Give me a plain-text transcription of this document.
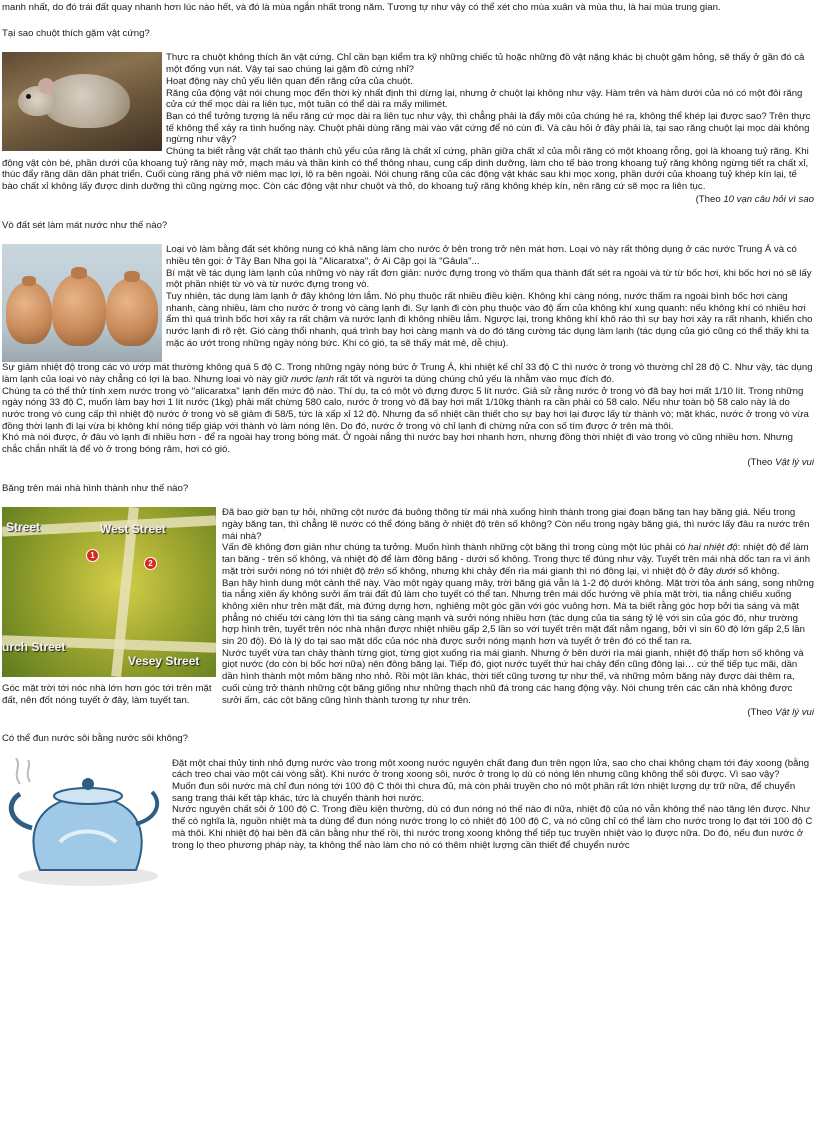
manh nhất, do đó trái đất quay nhanh hơn lúc nào hết, và đó là mùa ngắn nhất trong năm. Tương tự như vậy có thể xét cho mùa xuân và mùa thu, là hai mùa trung gian.

Tại sao chuột thích gặm vật cứng?

Thực ra chuột không thích ăn vật cứng. Chỉ cần bạn kiểm tra kỹ những chiếc tủ hoặc những đồ vật nặng khác bị chuột gặm hỏng, sẽ thấy ở gần đó cả một đống vụn nát. Vậy tại sao chúng lại gặm đồ cứng nhỉ?

Hoạt động này chủ yếu liên quan đến răng cửa của chuột.

Răng của động vật nói chung mọc đến thời kỳ nhất định thì dừng lại, nhưng ở chuột lại không như vậy. Hàm trên và hàm dưới của nó có một đôi răng cửa cứ thế mọc dài ra liên tục, một tuần có thể dài ra mấy milimét.

Bạn có thể tưởng tượng là nếu răng cứ mọc dài ra liên tục như vậy, thì chẳng phải là đẩy môi của chúng hé ra, không thể khép lại được sao? Trên thực tế không thể xảy ra tình huống này. Chuột phải dùng răng mài vào vật cứng để nó cùn đi. Và câu hỏi ở đây phải là, tại sao răng chuột lại mọc dài không ngừng như vậy?

Chúng ta biết rằng vật chất tạo thành chủ yếu của răng là chất xỉ cứng, phần giữa chất xỉ của mỗi răng có một khoang rỗng, gọi là khoang tuỷ răng. Khi động vật còn bé, phần dưới của khoang tuỷ răng này mở, mạch máu và thần kinh có thể thông nhau, cung cấp dinh dưỡng, làm cho tế bào trong khoang tuỷ răng không ngừng tiết ra chất xỉ, thúc đẩy răng dần dần phát triển. Cuối cùng răng phá vỡ niêm mạc lợi, lộ ra bên ngoài. Nói chung răng của các động vật khác sau khi mọc xong, phần dưới của khoang tuỷ khép kín lại, tế bào chất xỉ không lấy được dinh dưỡng thì cũng ngừng mọc. Còn các động vật như chuột và thỏ, do khoang tuỷ răng không khép kín, nên răng cứ sẽ mọc ra liên tục.

(Theo 10 vạn câu hỏi vì sao

Vò đất sét làm mát nước như thế nào?

Loại vò làm bằng đất sét không nung có khả năng làm cho nước ở bên trong trở nên mát hơn. Loại vò này rất thông dụng ở các nước Trung Á và có nhiều tên gọi: ở Tây Ban Nha gọi là "Alicaratxa", ở Ai Cập gọi là "Gâula"...

Bí mật về tác dụng làm lạnh của những vò này rất đơn giản: nước đựng trong vò thấm qua thành đất sét ra ngoài và từ từ bốc hơi, khi bốc hơi nó sẽ lấy một phần nhiệt từ vò và từ nước đựng trong vò.

Tuy nhiên, tác dụng làm lạnh ở đây không lớn lắm. Nó phụ thuộc rất nhiều điều kiện. Không khí càng nóng, nước thấm ra ngoài bình bốc hơi càng nhanh, càng nhiều, làm cho nước ở trong vò càng lạnh đi. Sự lạnh đi còn phụ thuộc vào độ ẩm của không khí xung quanh: nếu không khí có nhiều hơi ẩm thì quá trình bốc hơi xảy ra rất chậm và nước lạnh đi không nhiều lắm. Ngược lại, trong không khí khô ráo thì sự bay hơi xảy ra rất nhanh, khiến cho nước lạnh đi rõ rệt. Gió càng thổi nhanh, quá trình bay hơi càng mạnh và do đó tăng cường tác dụng làm lạnh (tác dụng của gió cũng có thể thấy khi ta mặc áo ướt trong những ngày nóng bức. Khi có gió, ta sẽ thấy mát mẻ, dễ chịu).

Sự giảm nhiệt độ trong các vò ướp mát thường không quá 5 độ C. Trong những ngày nóng bức ở Trung Á, khi nhiệt kế chỉ 33 độ C thì nước ở trong vò thường chỉ 28 độ C. Như vậy, tác dụng làm lạnh của loại vò này chẳng có lợi là bao. Nhưng loại vò này giữ nước lạnh rất tốt và người ta dùng chúng chủ yếu là nhằm vào mục đích đó.

Chúng ta có thể thử tính xem nước trong vò "alicaratxa" lạnh đến mức độ nào. Thí dụ, ta có một vò đựng được 5 lít nước. Giả sử rằng nước ở trong vò đã bay hơi mất 1/10 lít. Trong những ngày nóng 33 độ C, muốn làm bay hơi 1 lít nước (1kg) phải mất chừng 580 calo, nước ở trong vò đã bay hơi mất 1/10kg thành ra cần phải có 58 calo. Nếu như toàn bộ 58 calo này là do nước trong vò cung cấp thì nhiệt độ nước ở trong vò sẽ giảm đi 58/5, tức là xấp xỉ 12 độ. Nhưng đa số nhiệt cần thiết cho sự bay hơi lại được lấy từ thành vò; mặt khác, nước ở trong vò vừa đồng thời lạnh đi lại vừa bị không khí nóng tiếp giáp với thành vò làm nóng lên. Do đó, nước ở trong vò chỉ lạnh đi chừng nửa con số tìm được ở trên mà thôi.

Khó mà nói được, ở đâu vò lạnh đi nhiều hơn - để ra ngoài hay trong bóng mát. Ở ngoài nắng thì nước bay hơi nhanh hơn, nhưng đồng thời nhiệt đi vào trong vò cũng nhiều hơn. Nhưng chắc chắn nhất là để vò ở trong bóng râm, hơi có gió.

(Theo Vật lý vui

Băng trên mái nhà hình thành như thế nào?

Street	West Street
urch Street
Vesey Street
1
2
Góc mặt trời tới nóc nhà lớn hơn góc tới trên mặt đất, nên đốt nóng tuyết ở đây, làm tuyết tan.

Đã bao giờ bạn tự hỏi, những cột nước đá buông thõng từ mái nhà xuống hình thành trong giai đoạn băng tan hay băng giá. Nếu trong ngày băng tan, thì chẳng lẽ nước có thể đóng băng ở nhiệt độ trên số không? Còn nếu trong ngày băng giá, thì nước lấy đâu ra nước trên mái nhà?

Vấn đề không đơn giản như chúng ta tưởng. Muốn hình thành những cột băng thì trong cùng một lúc phải có hai nhiệt độ: nhiệt độ để làm tan băng - trên số không, và nhiệt độ để làm đông băng - dưới số không. Trong thực tế đúng như vậy. Tuyết trên mái nhà dốc tan ra vì ánh mặt trời sưởi nóng nó tới nhiệt độ trên số không, nhưng khi chảy đến rìa mái gianh thì nó đông lại, vì nhiệt độ ở đây dưới số không.

Bạn hãy hình dung một cảnh thế này. Vào một ngày quang mây, trời băng giá vẫn là 1-2 độ dưới không. Mặt trời tỏa ánh sáng, song những tia nắng xiên ấy không sưởi ấm trái đất đủ làm cho tuyết có thể tan. Nhưng trên mái dốc hướng về phía mặt trời, tia nắng chiếu xuống không xiên như trên mặt đất, mà đứng dựng hơn, nghiêng một góc gần với góc vuông hơn. Mà ta biết rằng góc hợp bởi tia sáng và mặt phẳng nó chiếu tới càng lớn thì tia sáng càng mạnh và sưởi nóng nhiều hơn (tác dụng của tia sáng tỷ lệ với sin của góc đó, như trường hợp hình trên, tuyết trên nóc nhà nhận được nhiệt nhiều gấp 2,5 lần so với tuyết trên mặt đất nằm ngang, bởi vì sin 60 độ lớn gấp 2,5 lần sin 20 độ). Đó là lý do tại sao mặt dốc của nóc nhà được sưởi nóng mạnh hơn và tuyết ở trên đó có thể tan ra.

Nước tuyết vừa tan chảy thành từng giọt, từng giọt xuống rìa mái gianh. Nhưng ở bên dưới rìa mái gianh, nhiệt độ thấp hơn số không và giọt nước (do còn bị bốc hơi nữa) nên đông băng lại. Tiếp đó, giọt nước tuyết thứ hai chảy đến cũng đông lại… cứ thế tiếp tục mãi, dần dần hình thành một mỏm băng nho nhỏ. Rồi một lần khác, thời tiết cũng tương tự như thế, và những mỏm băng này được dài thêm ra, cuối cùng trở thành những cột băng giống như những thạch nhũ đá trong các hang động vậy. Nói chung trên các căn nhà không được sưởi ấm, các cột băng cũng hình thành tương tự như trên.

(Theo Vật lý vui

Có thể đun nước sôi bằng nước sôi không?

Đặt một chai thủy tinh nhỏ đựng nước vào trong một xoong nước nguyên chất đang đun trên ngọn lửa, sao cho chai không chạm tới đáy xoong (bằng cách treo chai vào một cái vòng sắt). Khi nước ở trong xoong sôi, nước ở trong lọ dù có nóng lên nhưng cũng không thể sôi được. Vì sao vậy?

Muốn đun sôi nước mà chỉ đun nóng tới 100 độ C thôi thì chưa đủ, mà còn phải truyền cho nó một phần rất lớn nhiệt lượng dự trữ nữa, để chuyển sang trạng thái kết tập khác, tức là chuyển thành hơi nước.

Nước nguyên chất sôi ở 100 độ C. Trong điều kiện thường, dù có đun nóng nó thế nào đi nữa, nhiệt độ của nó vẫn không thể nào tăng lên được. Như thế có nghĩa là, nguồn nhiệt mà ta dùng để đun nóng nước trong lọ có nhiệt độ 100 độ C, và nó cũng chỉ có thể làm cho nước trong lọ đạt tới 100 độ C mà thôi. Khi nhiệt độ hai bên đã cân bằng như thế rồi, thì nước trong xoong không thể tiếp tục truyền nhiệt vào lọ được nữa. Do đó, nếu đun nước ở trong lọ theo phương pháp này, ta không thể nào làm cho nó có thêm nhiệt lượng cần thiết để chuyển nước
